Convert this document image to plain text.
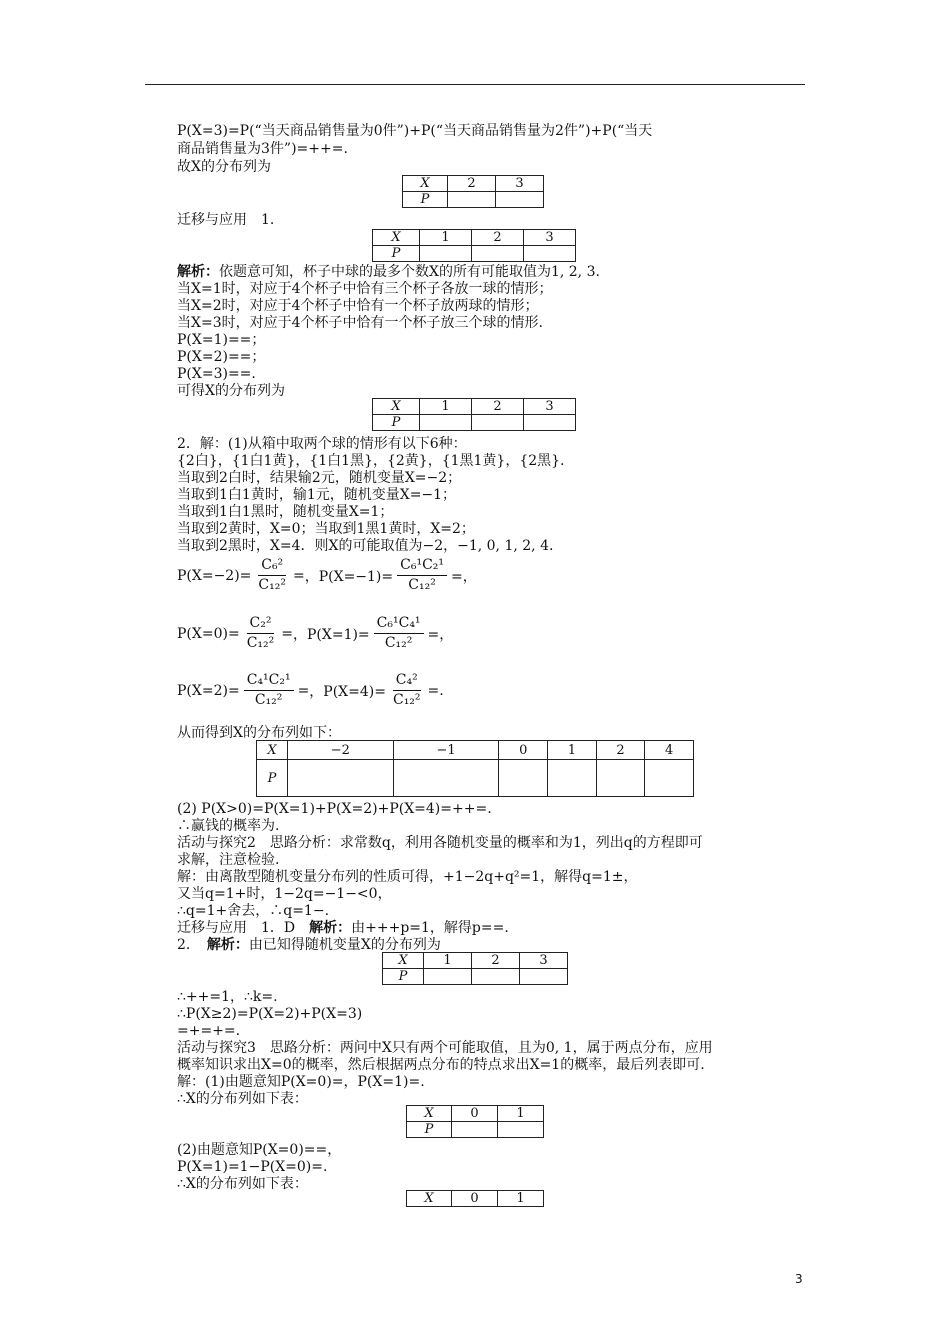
P(X=3)=P(“当天商品销售量为0件”)+P(“当天商品销售量为2件”)+P(“当天
商品销售量为3件”)=++=.
故X的分布列为
X	2	3
P		
迁移与应用　1.
X	1	2	3
P			
解析：依题意可知，杯子中球的最多个数X的所有可能取值为1, 2, 3.
当X=1时，对应于4个杯子中恰有三个杯子各放一球的情形；
当X=2时，对应于4个杯子中恰有一个杯子放两球的情形；
当X=3时，对应于4个杯子中恰有一个杯子放三个球的情形.
P(X=1)==；
P(X=2)==；
P(X=3)==.
可得X的分布列为
X	1	2	3
P			
2．解：(1)从箱中取两个球的情形有以下6种：
{2白}，{1白1黄}，{1白1黑}，{2黄}，{1黑1黄}，{2黑}.
当取到2白时，结果输2元，随机变量X=−2；
当取到1白1黄时，输1元，随机变量X=−1；
当取到1白1黑时，随机变量X=1；
当取到2黄时，X=0；当取到1黑1黄时，X=2；
当取到2黑时，X=4．则X的可能取值为−2，−1, 0, 1, 2, 4.
$P(X=-2)= \frac{\text{C₆²}}{\text{C₁₂²}}$ = ，$P(X=-1)= \frac{\text{C₆¹C₂¹}}{\text{C₁₂²}}$ =，
$P(X=0)= \frac{\text{C₂²}}{\text{C₁₂²}}$ = ，$P(X=1)= \frac{\text{C₆¹C₄¹}}{\text{C₁₂²}}$ =，
$P(X=2)= \frac{\text{C₄¹C₂¹}}{\text{C₁₂²}}$ = ，$P(X=4)= \frac{\text{C₄²}}{\text{C₁₂²}}$ =.
从而得到X的分布列如下：
X	−2	−1	0	1	2	4
P						
(2) P(X>0)=P(X=1)+P(X=2)+P(X=4)=++=.
∴赢钱的概率为.
活动与探究2　思路分析：求常数q，利用各随机变量的概率和为1，列出q的方程即可
求解，注意检验.
解：由离散型随机变量分布列的性质可得，+1−2q+q²=1，解得q=1±，
又当q=1+时，1−2q=−1−<0，
∴q=1+舍去，∴q=1−.
迁移与应用　1．D　解析：由+++p=1，解得p==.
2．　解析：由已知得随机变量X的分布列为
X	1	2	3
P			
∴++=1，∴k=.
∴P(X≥2)=P(X=2)+P(X=3)
=+=+=.
活动与探究3　思路分析：两问中X只有两个可能取值，且为0, 1，属于两点分布，应用
概率知识求出X=0的概率，然后根据两点分布的特点求出X=1的概率，最后列表即可.
解：(1)由题意知P(X=0)=，P(X=1)=.
∴X的分布列如下表：
X	0	1
P		
(2)由题意知P(X=0)==，
P(X=1)=1−P(X=0)=.
∴X的分布列如下表：
X	0	1
3
